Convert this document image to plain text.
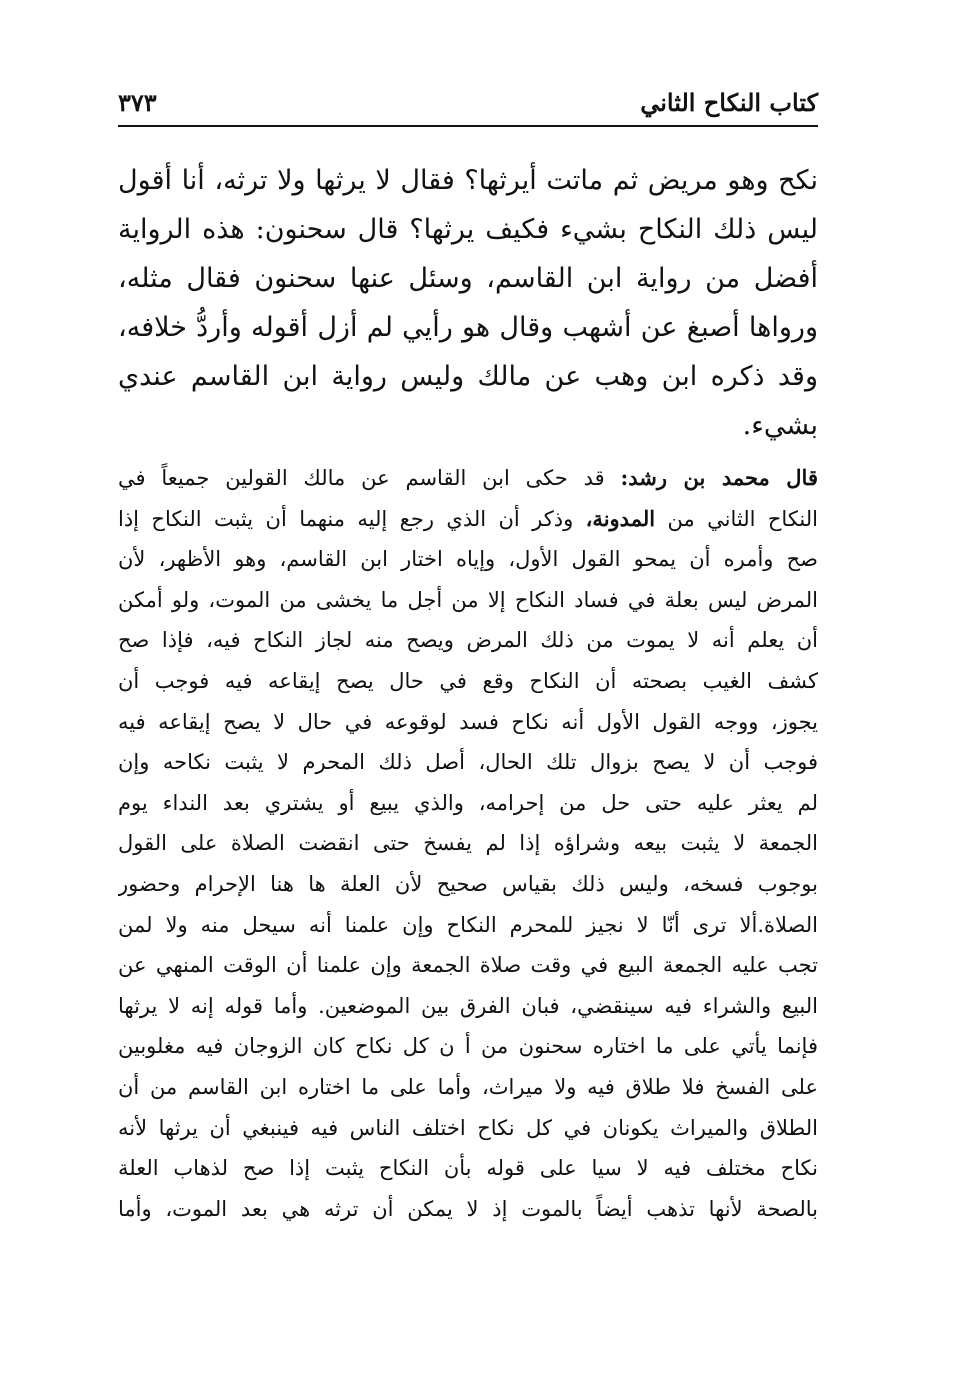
كتاب النكاح الثاني
٣٧٣
نكح وهو مريض ثم ماتت أيرثها؟ فقال لا يرثها ولا ترثه، أنا أقول
ليس ذلك النكاح بشيء فكيف يرثها؟ قال سحنون: هذه الرواية
أفضل من رواية ابن القاسم، وسئل عنها سحنون فقال مثله،
ورواها أصبغ عن أشهب وقال هو رأيي لم أزل أقوله وأردُّ خلافه،
وقد ذكره ابن وهب عن مالك وليس رواية ابن القاسم عندي
بشيء.
قال محمد بن رشد: قد حكى ابن القاسم عن مالك القولين جميعاً في
النكاح الثاني من المدونة، وذكر أن الذي رجع إليه منهما أن يثبت النكاح إذا
صح وأمره أن يمحو القول الأول، وإياه اختار ابن القاسم، وهو الأظهر، لأن
المرض ليس بعلة في فساد النكاح إلا من أجل ما يخشى من الموت، ولو أمكن
أن يعلم أنه لا يموت من ذلك المرض ويصح منه لجاز النكاح فيه، فإذا صح
كشف الغيب بصحته أن النكاح وقع في حال يصح إيقاعه فيه فوجب أن
يجوز، ووجه القول الأول أنه نكاح فسد لوقوعه في حال لا يصح إيقاعه فيه
فوجب أن لا يصح بزوال تلك الحال، أصل ذلك المحرم لا يثبت نكاحه وإن
لم يعثر عليه حتى حل من إحرامه، والذي يبيع أو يشتري بعد النداء يوم
الجمعة لا يثبت بيعه وشراؤه إذا لم يفسخ حتى انقضت الصلاة على القول
بوجوب فسخه، وليس ذلك بقياس صحيح لأن العلة ها هنا الإحرام وحضور
الصلاة.ألا ترى أنّا لا نجيز للمحرم النكاح وإن علمنا أنه سيحل منه ولا لمن
تجب عليه الجمعة البيع في وقت صلاة الجمعة وإن علمنا أن الوقت المنهي عن
البيع والشراء فيه سينقضي، فبان الفرق بين الموضعين. وأما قوله إنه لا يرثها
فإنما يأتي على ما اختاره سحنون من أ ن كل نكاح كان الزوجان فيه مغلوبين
على الفسخ فلا طلاق فيه ولا ميراث، وأما على ما اختاره ابن القاسم من أن
الطلاق والميراث يكونان في كل نكاح اختلف الناس فيه فينبغي أن يرثها لأنه
نكاح مختلف فيه لا سيا على قوله بأن النكاح يثبت إذا صح لذهاب العلة
بالصحة لأنها تذهب أيضاً بالموت إذ لا يمكن أن ترثه هي بعد الموت، وأما
